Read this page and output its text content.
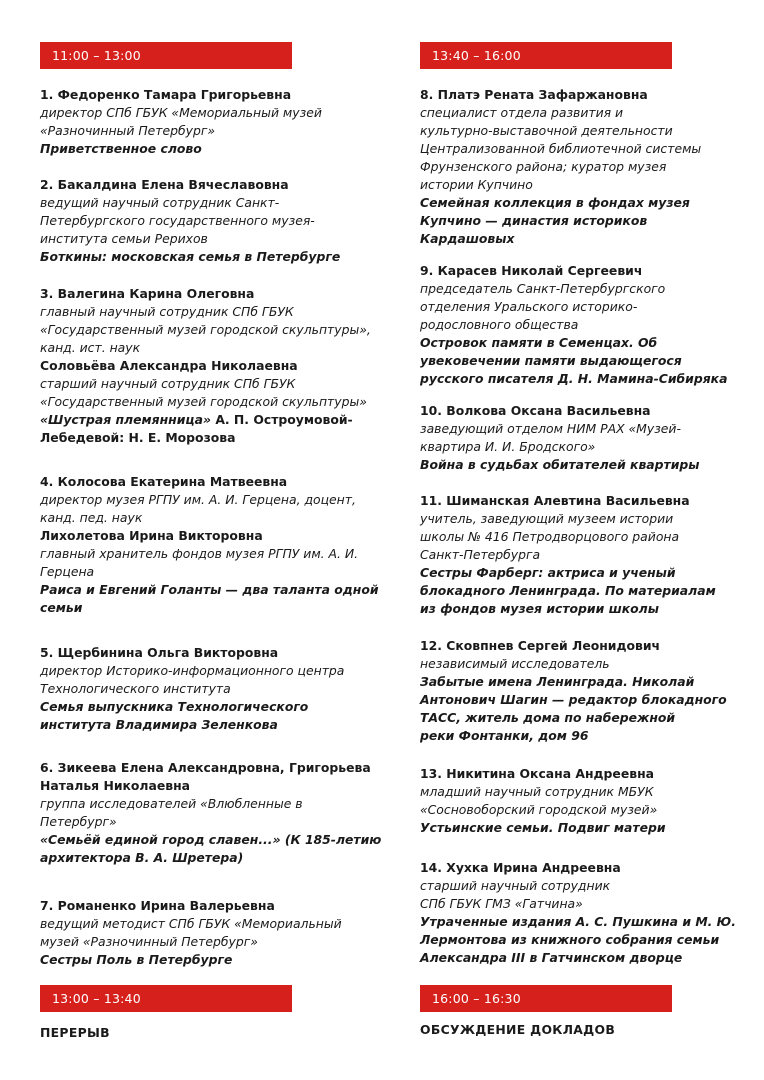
11:00 – 13:00
1. Федоренко Тамара Григорьевна
директор СПб ГБУК «Мемориальный музей
«Разночинный Петербург»
Приветственное слово
2. Бакалдина Елена Вячеславовна
ведущий научный сотрудник Санкт-
Петербургского государственного музея-
института семьи Рерихов
Боткины: московская семья в Петербурге
3. Валегина Карина Олеговна
главный научный сотрудник СПб ГБУК
«Государственный музей городской скульптуры»,
канд. ист. наук
Соловьёва Александра Николаевна
старший научный сотрудник СПб ГБУК
«Государственный музей городской скульптуры»
«Шустрая племянница» А. П. Остроумовой-
Лебедевой: Н. Е. Морозова
4. Колосова Екатерина Матвеевна
директор музея РГПУ им. А. И. Герцена, доцент,
канд. пед. наук
Лихолетова Ирина Викторовна
главный хранитель фондов музея РГПУ им. А. И.
Герцена
Раиса и Евгений Голанты — два таланта одной
семьи
5. Щербинина Ольга Викторовна
директор Историко-информационного центра
Технологического института
Семья выпускника Технологического
института Владимира Зеленкова
6. Зикеева Елена Александровна, Григорьева
Наталья Николаевна
группа исследователей «Влюбленные в
Петербург»
«Семьёй единой город славен...» (К 185-летию
архитектора В. А. Шретера)
7. Романенко Ирина Валерьевна
ведущий методист СПб ГБУК «Мемориальный
музей «Разночинный Петербург»
Сестры Поль в Петербурге
13:00 – 13:40
ПЕРЕРЫВ
13:40 – 16:00
8. Платэ Рената Зафаржановна
специалист отдела развития и
культурно-выставочной деятельности
Централизованной библиотечной системы
Фрунзенского района; куратор музея
истории Купчино
Семейная коллекция в фондах музея
Купчино — династия историков
Кардашовых
9. Карасев Николай Сергеевич
председатель Санкт-Петербургского
отделения Уральского историко-
родословного общества
Островок памяти в Семенцах. Об
увековечении памяти выдающегося
русского писателя Д. Н. Мамина-Сибиряка
10. Волкова Оксана Васильевна
заведующий отделом НИМ РАХ «Музей-
квартира И. И. Бродского»
Война в судьбах обитателей квартиры
11. Шиманская Алевтина Васильевна
учитель, заведующий музеем истории
школы № 416 Петродворцового района
Санкт-Петербурга
Сестры Фарберг: актриса и ученый
блокадного Ленинграда. По материалам
из фондов музея истории школы
12. Сковпнев Сергей Леонидович
независимый исследователь
Забытые имена Ленинграда. Николай
Антонович Шагин — редактор блокадного
ТАСС, житель дома по набережной
реки Фонтанки, дом 96
13. Никитина Оксана Андреевна
младший научный сотрудник МБУК
«Сосновоборский городской музей»
Устьинские семьи. Подвиг матери
14. Хухка Ирина Андреевна
старший научный сотрудник
СПб ГБУК ГМЗ «Гатчина»
Утраченные издания А. С. Пушкина и М. Ю.
Лермонтова из книжного собрания семьи
Александра III в Гатчинском дворце
16:00 – 16:30
ОБСУЖДЕНИЕ ДОКЛАДОВ
